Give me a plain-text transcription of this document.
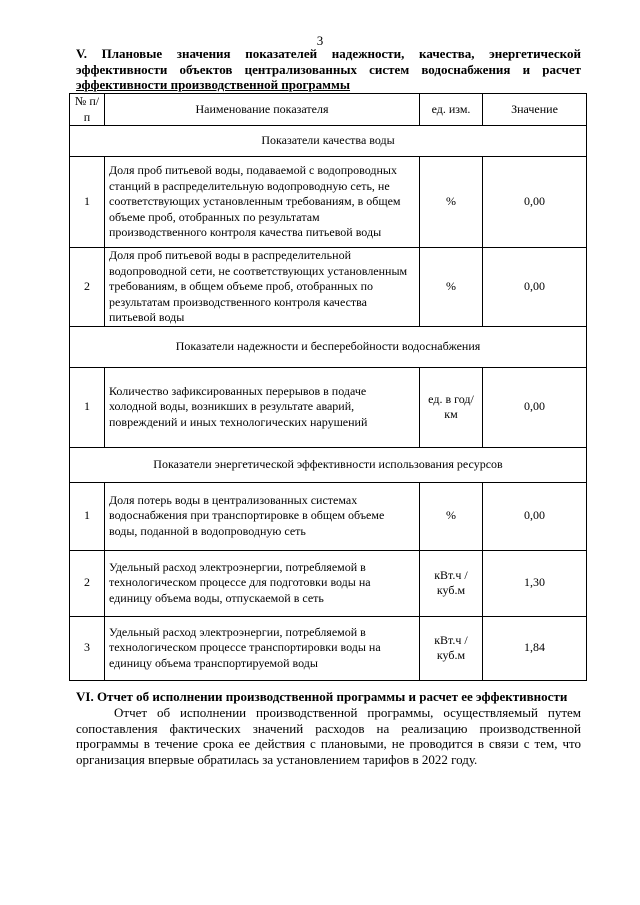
3
V. Плановые значения показателей надежности, качества, энергетической эффективности объектов централизованных систем водоснабжения и расчет эффективности производственной программы
№ п/п	Наименование показателя	ед. изм.	Значение
Показатели качества воды			
1	Доля проб питьевой воды, подаваемой с водопроводных станций в распределительную водопроводную сеть, не соответствующих установленным требованиям, в общем объеме проб, отобранных по результатам производственного контроля качества питьевой воды	%	0,00
2	Доля проб питьевой воды в распределительной водопроводной сети, не соответствующих установленным требованиям, в общем объеме проб, отобранных по результатам производственного контроля качества питьевой воды	%	0,00
Показатели надежности и бесперебойности водоснабжения			
1	Количество зафиксированных перерывов в подаче холодной воды, возникших в результате аварий, повреждений и иных технологических нарушений	ед. в год/ км	0,00
Показатели энергетической эффективности использования ресурсов			
1	Доля потерь воды в централизованных системах водоснабжения при транспортировке в общем объеме воды, поданной в водопроводную сеть	%	0,00
2	Удельный расход электроэнергии, потребляемой в технологическом процессе для подготовки воды на единицу объема воды, отпускаемой в сеть	кВт.ч / куб.м	1,30
3	Удельный расход электроэнергии, потребляемой в технологическом процессе транспортировки воды на единицу объема транспортируемой воды	кВт.ч / куб.м	1,84
VI. Отчет об исполнении производственной программы и расчет ее эффективности
Отчет об исполнении производственной программы, осуществляемый путем сопоставления фактических значений расходов на реализацию производственной программы в течение срока ее действия с плановыми, не проводится в связи с тем, что организация впервые обратилась за установлением тарифов в 2022 году.
